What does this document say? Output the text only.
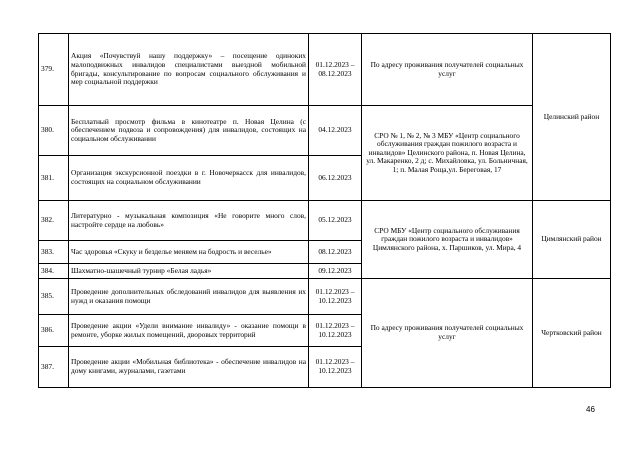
379.	Акция «Почувствуй нашу поддержку» – посещение одиноких малоподвижных инвалидов специалистами выездной мобильной бригады, консультирование по вопросам социального обслуживания и мер социальной поддержки	01.12.2023 – 08.12.2023	По адресу проживания получателей социальных услуг	Целинский район
380.	Бесплатный просмотр фильма в кинотеатре п. Новая Целина (с обеспечением подвоза и сопровождения) для инвалидов, состоящих на социальном обслуживании	04.12.2023	СРО № 1, № 2, № 3 МБУ «Центр социального обслуживания граждан пожилого возраста и инвалидов» Целинского района, п. Новая Целина, ул. Макаренко, 2 д; с. Михайловка, ул. Больничная, 1; п. Малая Роща,ул. Береговая, 17	
381.	Организация экскурсионной поездки в г. Новочеркасск для инвалидов, состоящих на социальном обслуживании	06.12.2023		
382.	Литературно - музыкальная композиция «Не говорите много слов, настройте сердце на любовь»	05.12.2023	СРО МБУ «Центр социального обслуживания граждан пожилого возраста и инвалидов» Цимлянского района, х. Паршиков, ул. Мира, 4	Цимлянский район
383.	Час здоровья «Скуку и безделье меняем на бодрость и веселье»	08.12.2023		
384.	Шахматно-шашечный турнир «Белая ладья»	09.12.2023		
385.	Проведение дополнительных обследований инвалидов для выявления их нужд и оказания помощи	01.12.2023 – 10.12.2023	По адресу проживания получателей социальных услуг	Чертковский район
386.	Проведение акции «Удели внимание инвалиду» - оказание помощи в ремонте, уборке жилых помещений, дворовых территорий	01.12.2023 – 10.12.2023		
387.	Проведение акции «Мобильная библиотека» - обеспечение инвалидов на дому книгами, журналами, газетами	01.12.2023 – 10.12.2023		
46
